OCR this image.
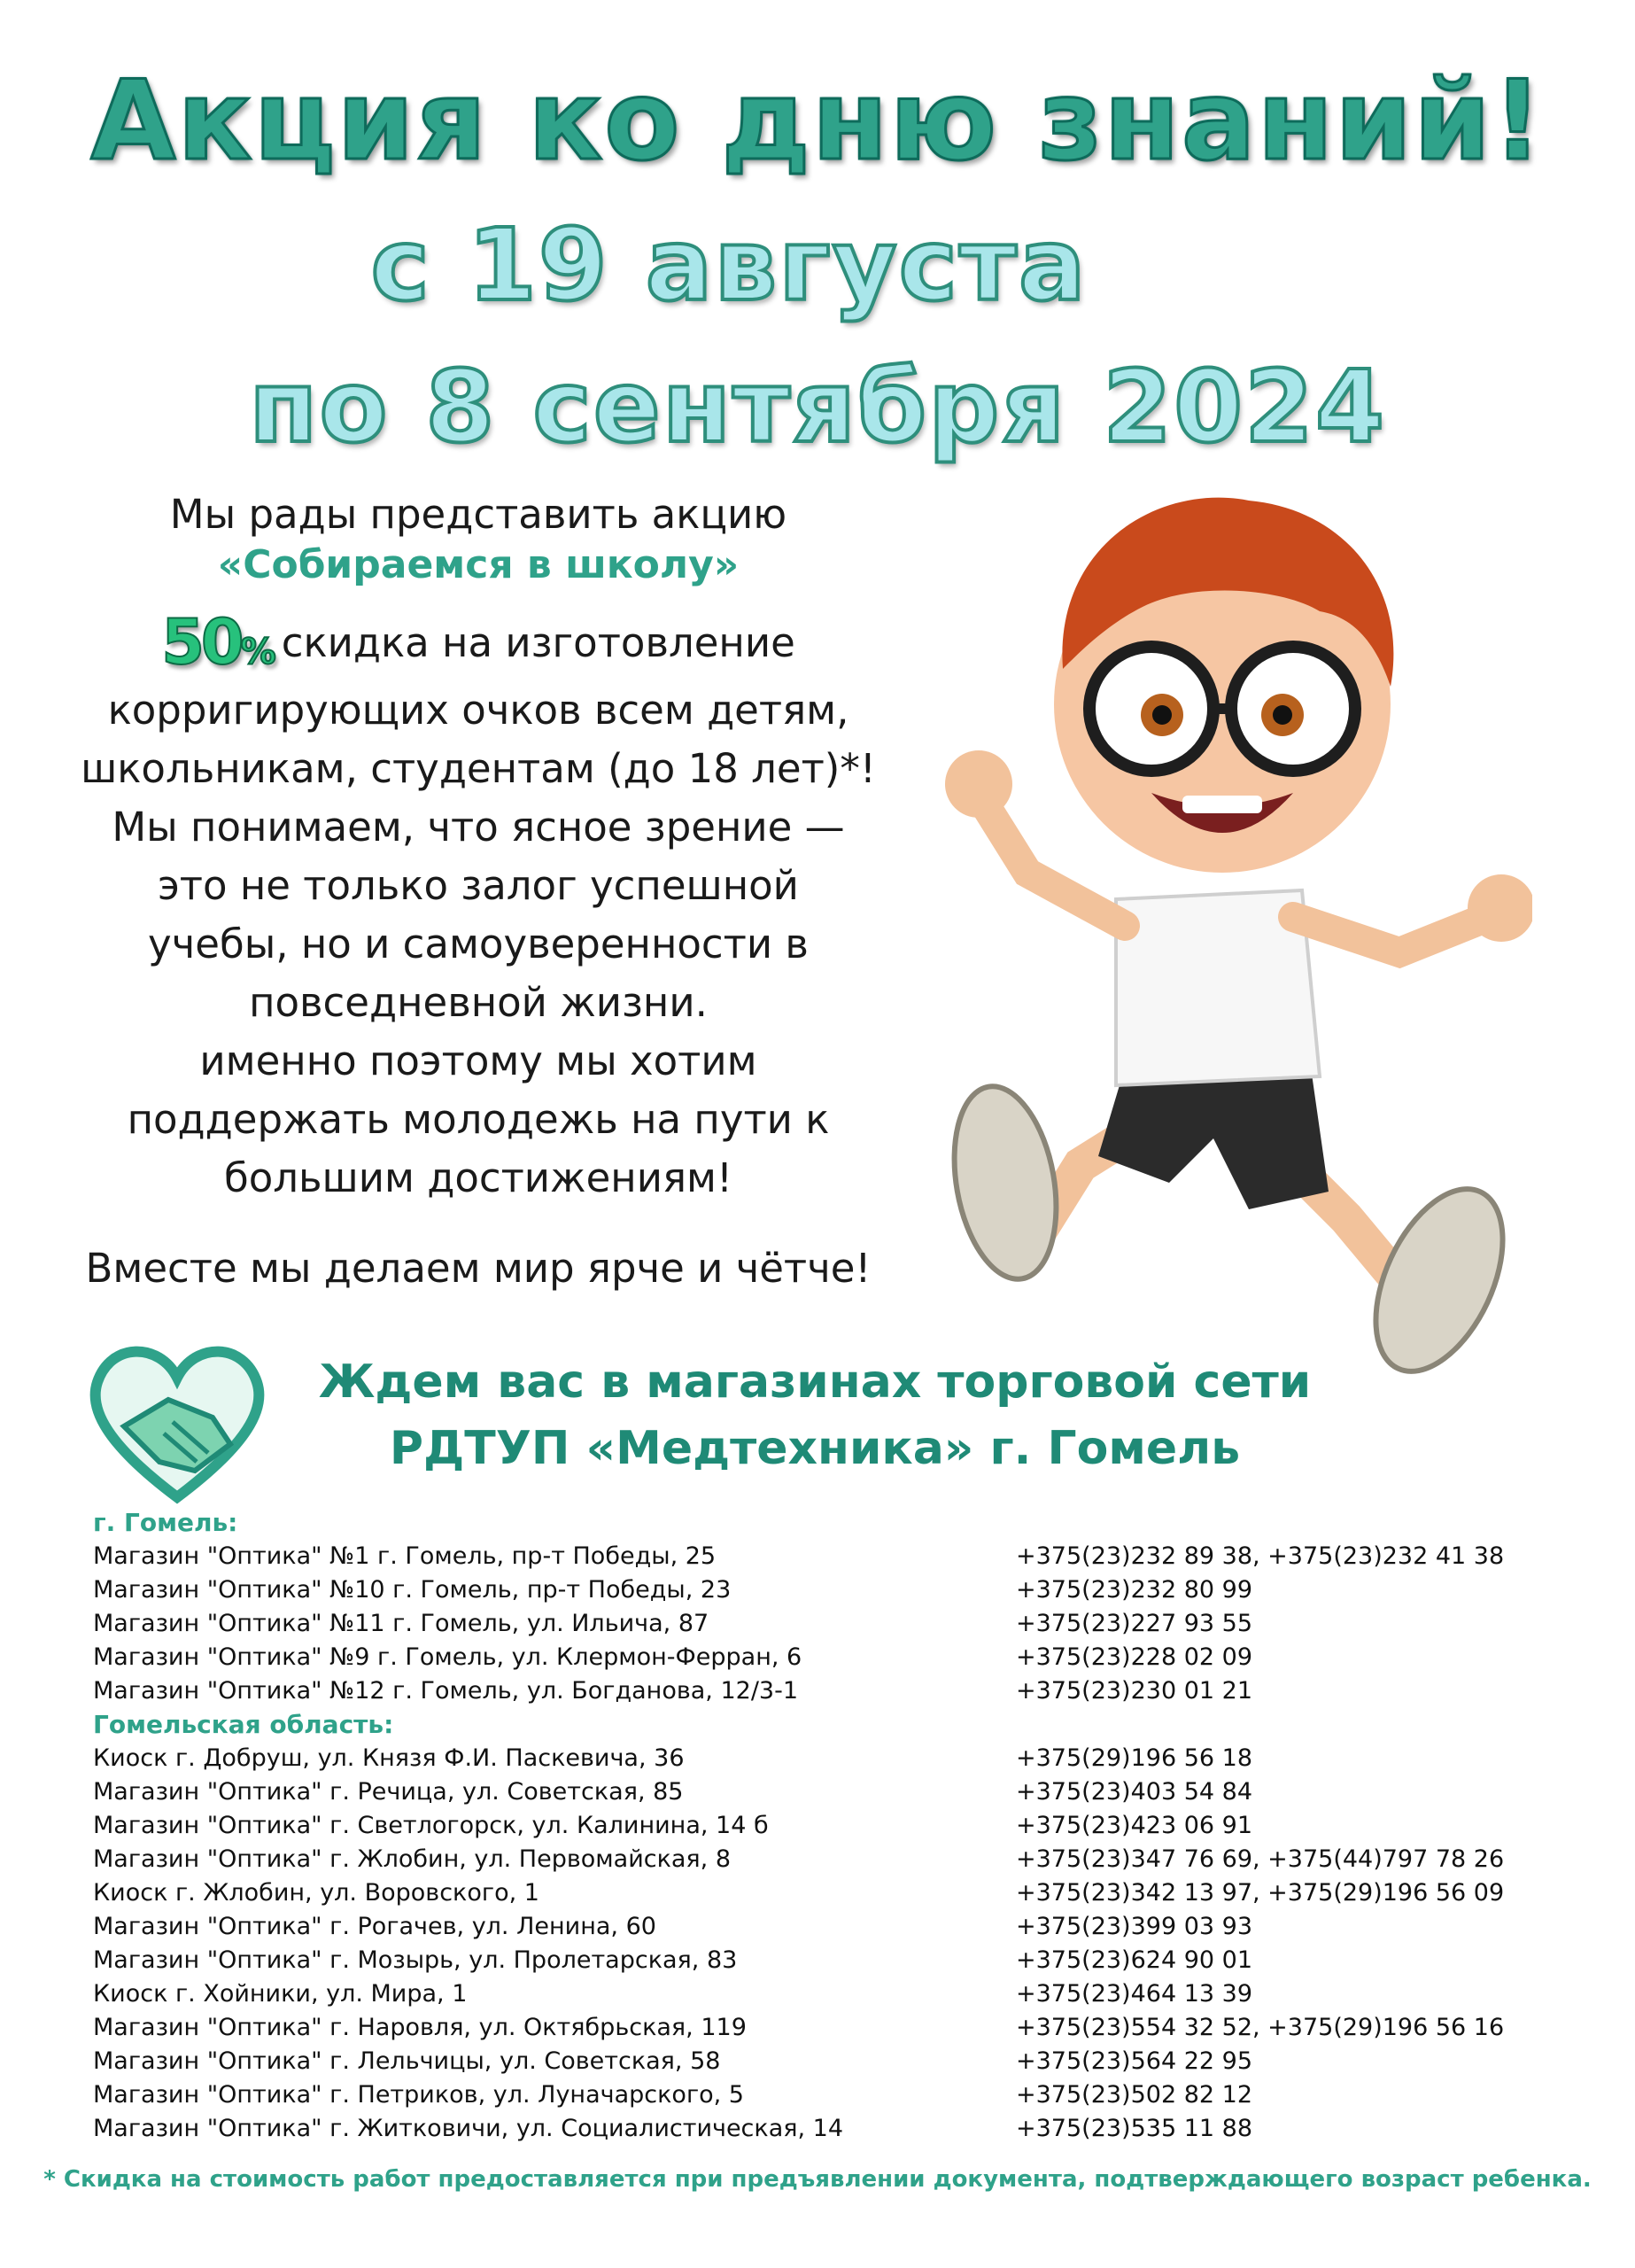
Акция ко дню знаний!
с 19 августа
по 8 сентября 2024
Мы рады представить акцию
«Собираемся в школу»
50% скидка на изготовление
корригирующих очков всем детям,
школьникам, студентам (до 18 лет)*!
Мы понимаем, что ясное зрение —
это не только залог успешной
учебы, но и самоуверенности в
повседневной жизни.
именно поэтому мы хотим
поддержать молодежь на пути к
большим достижениям!
Вместе мы делаем мир ярче и чётче!
Ждем вас в магазинах торговой сети
РДТУП «Медтехника» г. Гомель
г. Гомель:
Магазин "Оптика" №1 г. Гомель, пр-т Победы, 25	+375(23)232 89 38, +375(23)232 41 38
Магазин "Оптика" №10 г. Гомель, пр-т Победы, 23	+375(23)232 80 99
Магазин "Оптика" №11 г. Гомель, ул. Ильича, 87	+375(23)227 93 55
Магазин "Оптика" №9 г. Гомель, ул. Клермон-Ферран, 6	+375(23)228 02 09
Магазин "Оптика" №12 г. Гомель, ул. Богданова, 12/3-1	+375(23)230 01 21
Гомельская область:
Киоск г. Добруш, ул. Князя Ф.И. Паскевича, 36	+375(29)196 56 18
Магазин "Оптика" г. Речица, ул. Советская, 85	+375(23)403 54 84
Магазин "Оптика" г. Светлогорск, ул. Калинина, 14 б	+375(23)423 06 91
Магазин "Оптика" г. Жлобин, ул. Первомайская, 8	+375(23)347 76 69, +375(44)797 78 26
Киоск г. Жлобин, ул. Воровского, 1	+375(23)342 13 97, +375(29)196 56 09
Магазин "Оптика" г. Рогачев, ул. Ленина, 60	+375(23)399 03 93
Магазин "Оптика" г. Мозырь, ул. Пролетарская, 83	+375(23)624 90 01
Киоск г. Хойники, ул. Мира, 1	+375(23)464 13 39
Магазин "Оптика" г. Наровля, ул. Октябрьская, 119	+375(23)554 32 52, +375(29)196 56 16
Магазин "Оптика" г. Лельчицы, ул. Советская, 58	+375(23)564 22 95
Магазин "Оптика" г. Петриков, ул. Луначарского, 5	+375(23)502 82 12
Магазин "Оптика" г. Житковичи, ул. Социалистическая, 14	+375(23)535 11 88
* Скидка на стоимость работ предоставляется при предъявлении документа, подтверждающего возраст ребенка.
